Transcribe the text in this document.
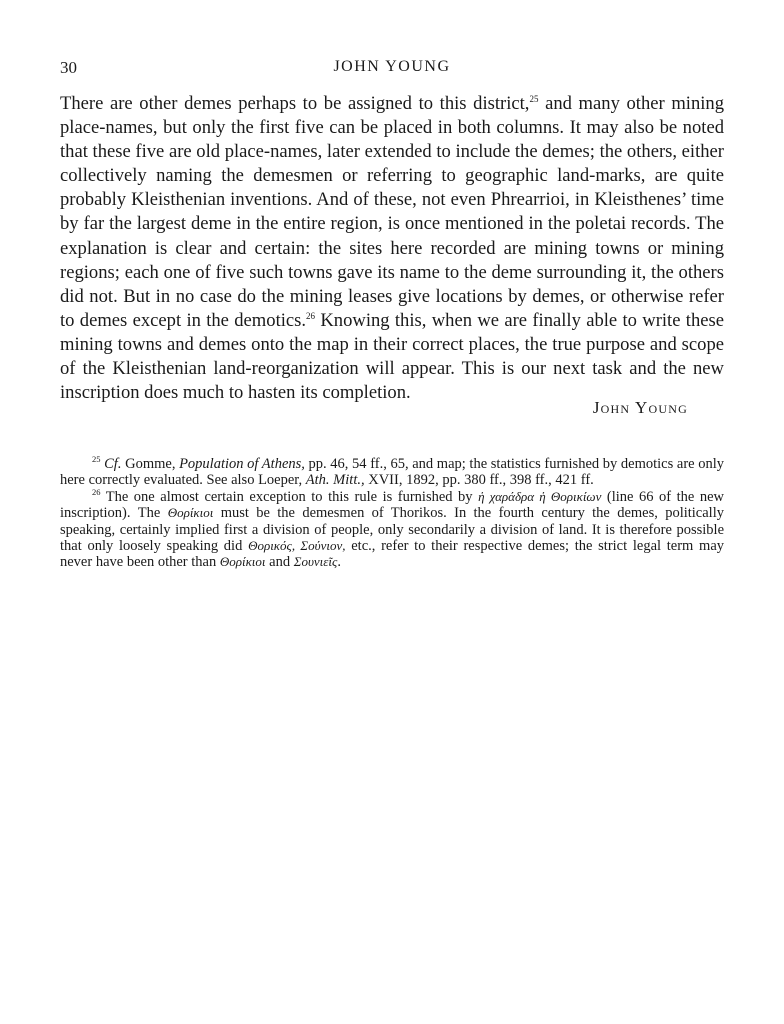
30	JOHN YOUNG

There are other demes perhaps to be assigned to this district,$^{25}$ and many other mining place-names, but only the first five can be placed in both columns. It may also be noted that these five are old place-names, later extended to include the demes; the others, either collectively naming the demesmen or referring to geographic land-marks, are quite probably Kleisthenian inventions. And of these, not even Phrearrioi, in Kleisthenes’ time by far the largest deme in the entire region, is once mentioned in the poletai records. The explanation is clear and certain: the sites here recorded are mining towns or mining regions; each one of five such towns gave its name to the deme surrounding it, the others did not. But in no case do the mining leases give locations by demes, or otherwise refer to demes except in the demotics.$^{26}$ Knowing this, when we are finally able to write these mining towns and demes onto the map in their correct places, the true purpose and scope of the Kleisthenian land-reorganization will appear. This is our next task and the new inscription does much to hasten its completion.

John Young

$^{25}$ Cf. Gomme, Population of Athens, pp. 46, 54 ff., 65, and map; the statistics furnished by demotics are only here correctly evaluated. See also Loeper, Ath. Mitt., XVII, 1892, pp. 380 ff., 398 ff., 421 ff.

$^{26}$ The one almost certain exception to this rule is furnished by ἡ χαράδρα ἡ Θορικίων (line 66 of the new inscription). The Θορίκιοι must be the demesmen of Thorikos. In the fourth century the demes, politically speaking, certainly implied first a division of people, only secondarily a division of land. It is therefore possible that only loosely speaking did Θορικός, Σούνιον, etc., refer to their respective demes; the strict legal term may never have been other than Θορίκιοι and Σουνιεῖς.
